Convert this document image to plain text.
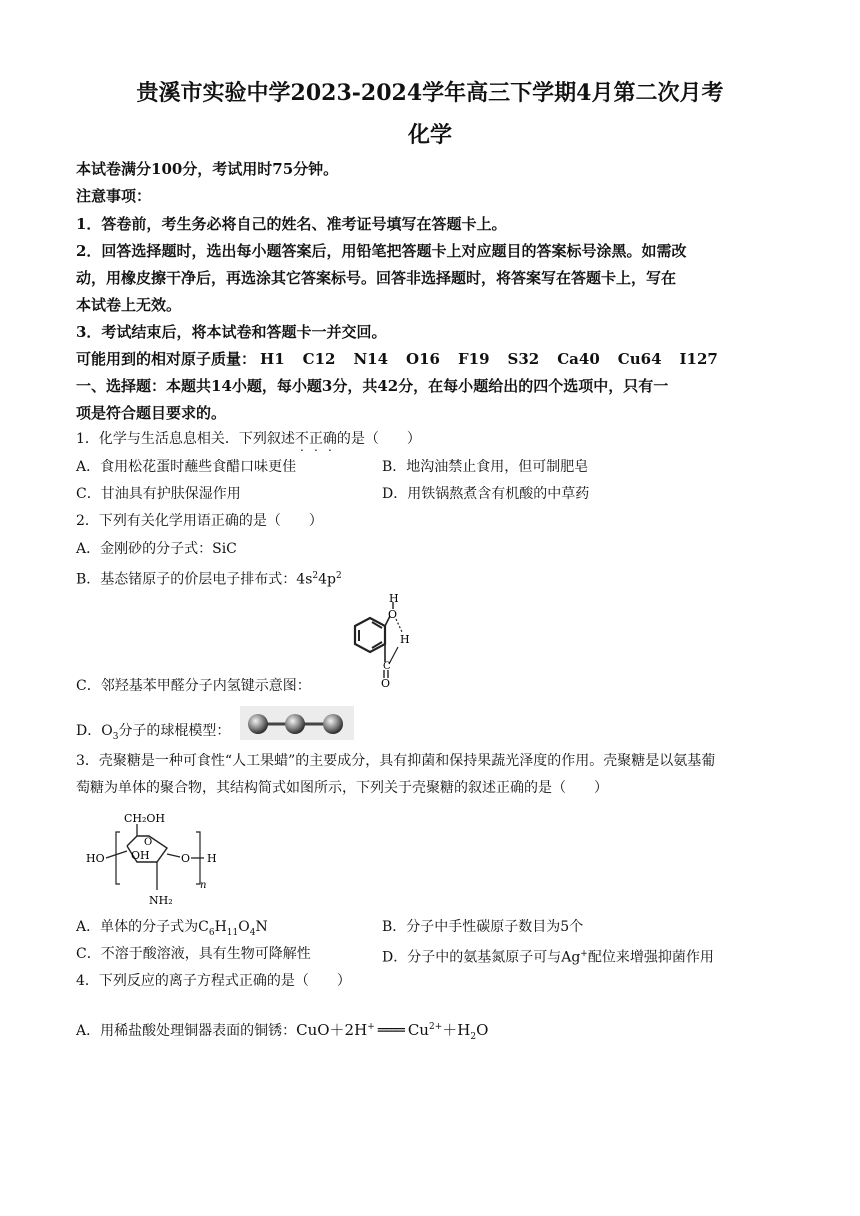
贵溪市实验中学2023-2024学年高三下学期4月第二次月考
化学
本试卷满分100分，考试用时75分钟。
注意事项：
1．答卷前，考生务必将自己的姓名、准考证号填写在答题卡上。
2．回答选择题时，选出每小题答案后，用铅笔把答题卡上对应题目的答案标号涂黑。如需改
动，用橡皮擦干净后，再选涂其它答案标号。回答非选择题时，将答案写在答题卡上，写在
本试卷上无效。
3．考试结束后，将本试卷和答题卡一并交回。
可能用到的相对原子质量： H1 C12 N14 O16 F19 S32 Ca40 Cu64 I127
一、选择题：本题共14小题，每小题3分，共42分，在每小题给出的四个选项中，只有一
项是符合题目要求的。
1．化学与生活息息相关．下列叙述不正确的是（　　）
A．食用松花蛋时蘸些食醋口味更佳	B．地沟油禁止食用，但可制肥皂
C．甘油具有护肤保湿作用	D．用铁锅熬煮含有机酸的中草药
2．下列有关化学用语正确的是（　　）
A．金刚砂的分子式：SiC
B．基态锗原子的价层电子排布式：$4s^24p^2$
H
O
H
C
O
C．邻羟基苯甲醛分子内氢键示意图：
D．$O_3$分子的球棍模型：
3．壳聚糖是一种可食性“人工果蜡”的主要成分，具有抑菌和保持果蔬光泽度的作用。壳聚糖是以氨基葡
萄糖为单体的聚合物，其结构简式如图所示，下列关于壳聚糖的叙述正确的是（　　）
CH₂OH
O
OH
HO	O H
n
NH₂
A．单体的分子式为$C_6H_{11}O_4N$	B．分子中手性碳原子数目为5个
C．不溶于酸溶液，具有生物可降解性	D．分子中的氨基氮原子可与Ag+配位来增强抑菌作用
4．下列反应的离子方程式正确的是（　　）
A．用稀盐酸处理铜器表面的铜锈：CuO＋2H+ ═══ $Cu^{2+}+H_2O$
